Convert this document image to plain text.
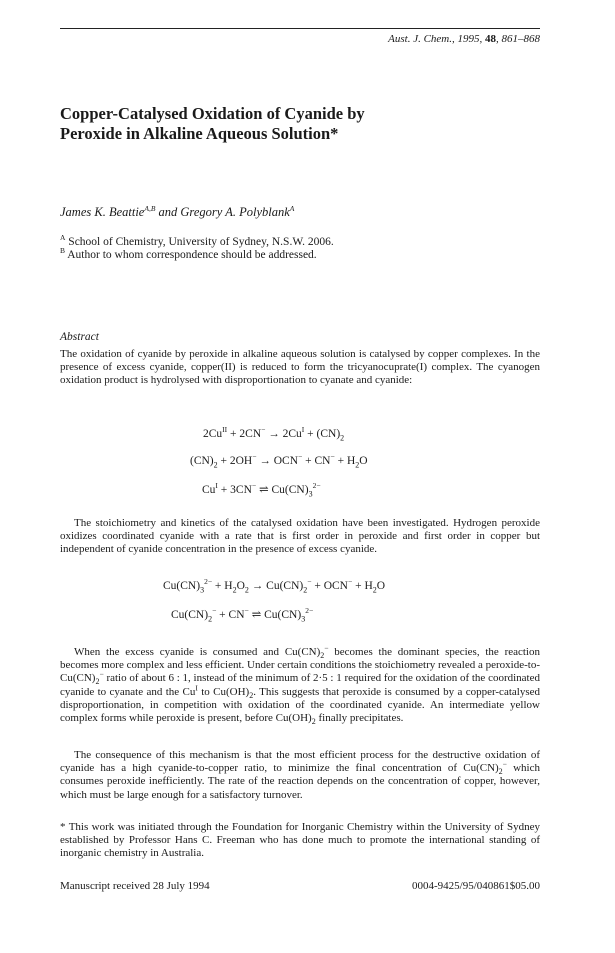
Aust. J. Chem., 1995, 48, 861–868
Copper-Catalysed Oxidation of Cyanide by
Peroxide in Alkaline Aqueous Solution*
James K. Beattie$^{A,B}$ and Gregory A. Polyblank$^A$
$^A$ School of Chemistry, University of Sydney, N.S.W. 2006.
$^B$ Author to whom correspondence should be addressed.
Abstract
The oxidation of cyanide by peroxide in alkaline aqueous solution is catalysed by copper complexes. In the presence of excess cyanide, copper(II) is reduced to form the tricyanocuprate(I) complex. The cyanogen oxidation product is hydrolysed with disproportionation to cyanate and cyanide:
$2Cu^{II} + 2CN^- \to 2Cu^I + (CN)_2$
$(CN)_2 + 2OH^- \to OCN^- + CN^- + H_2O$
$Cu^I + 3CN^-$ ⇌ $Cu(CN)_3^{2-}$
The stoichiometry and kinetics of the catalysed oxidation have been investigated. Hydrogen peroxide oxidizes coordinated cyanide with a rate that is first order in peroxide and first order in copper but independent of cyanide concentration in the presence of excess cyanide.
$Cu(CN)_3^{2-} + H_2O_2 \to Cu(CN)_2^- + OCN^- + H_2O$
$Cu(CN)_2^- + CN^-$ ⇌ $Cu(CN)_3^{2-}$
When the excess cyanide is consumed and $Cu(CN)_2^-$ becomes the dominant species, the reaction becomes more complex and less efficient. Under certain conditions the stoichiometry revealed a peroxide-$to-Cu(CN)_2^-$ ratio of about 6 : 1, instead of the minimum of 2·5 : 1 required for the oxidation of the coordinated cyanide to cyanate and the $Cu^I$ to $Cu(OH)_2$. This suggests that peroxide is consumed by a copper-catalysed disproportionation, in competition with oxidation of the coordinated cyanide. An intermediate yellow complex forms while peroxide is present, before $Cu(OH)_2$ finally precipitates.
The consequence of this mechanism is that the most efficient process for the destructive oxidation of cyanide has a high cyanide-to-copper ratio, to minimize the final concentration of $Cu(CN)_2^-$ which consumes peroxide inefficiently. The rate of the reaction depends on the concentration of copper, however, which must be large enough for a satisfactory turnover.
* This work was initiated through the Foundation for Inorganic Chemistry within the University of Sydney established by Professor Hans C. Freeman who has done much to promote the international standing of inorganic chemistry in Australia.
Manuscript received 28 July 1994	0004-9425/95/040861$05.00
